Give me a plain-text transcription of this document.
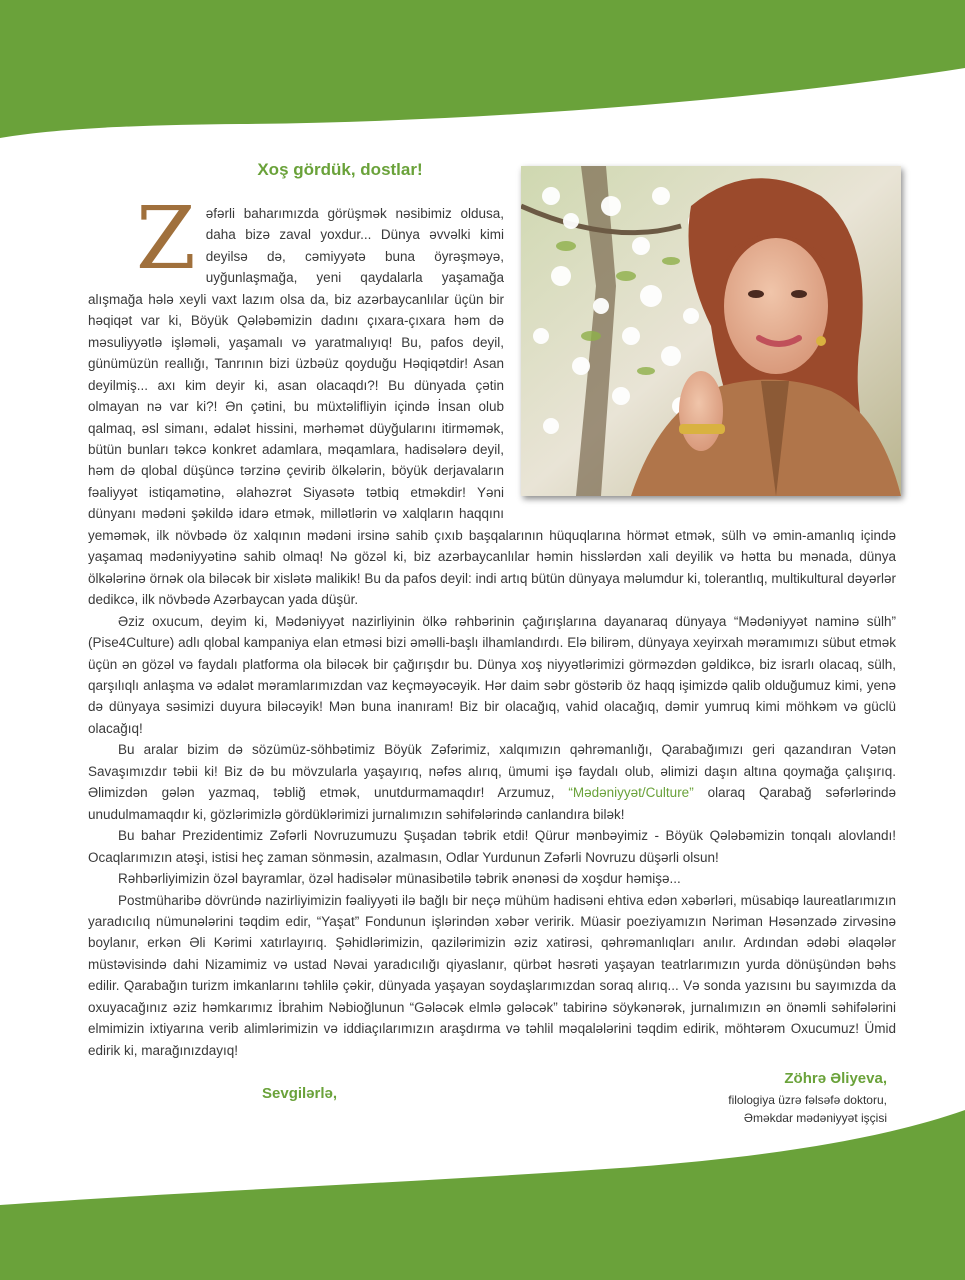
Xoş gördük, dostlar!

Zəfərli baharımızda görüşmək nəsibimiz oldusa, daha bizə zaval yoxdur... Dünya əvvəlki kimi deyilsə də, cəmiyyətə buna öyrəşməyə, uyğunlaşmağa, yeni qaydalarla yaşamağa alışmağa hələ xeyli vaxt lazım olsa da, biz azərbaycanlılar üçün bir həqiqət var ki, Böyük Qələbəmizin dadını çıxara-çıxara həm də məsuliyyətlə işləməli, yaşamalı və yaratmalıyıq! Bu, pafos deyil, günümüzün reallığı, Tanrının bizi üzbəüz qoyduğu Həqiqətdir! Asan deyilmiş... axı kim deyir ki, asan olacaqdı?! Bu dünyada çətin olmayan nə var ki?! Ən çətini, bu müxtəlifliyin içində İnsan olub qalmaq, əsl simanı, ədalət hissini, mərhəmət düyğularını itirməmək, bütün bunları təkcə konkret adamlara, məqamlara, hadisələrə deyil, həm də qlobal düşüncə tərzinə çevirib ölkələrin, böyük derjavaların fəaliyyət istiqamətinə, əlahəzrət Siyasətə tətbiq etməkdir! Yəni dünyanı mədəni şəkildə idarə etmək, millətlərin və xalqların haqqını yeməmək, ilk növbədə öz xalqının mədəni irsinə sahib çıxıb başqalarının hüquqlarına hörmət etmək, sülh və əmin-amanlıq içində yaşamaq mədəniyyətinə sahib olmaq! Nə gözəl ki, biz azərbaycanlılar həmin hisslərdən xali deyilik və hətta bu mənada, dünya ölkələrinə örnək ola biləcək bir xislətə malikik! Bu da pafos deyil: indi artıq bütün dünyaya məlumdur ki, tolerantlıq, multikultural dəyərlər dedikcə, ilk növbədə Azərbaycan yada düşür.

Əziz oxucum, deyim ki, Mədəniyyət nazirliyinin ölkə rəhbərinin çağırışlarına dayanaraq dünyaya “Mədəniyyət naminə sülh” (Pise4Culture) adlı qlobal kampaniya elan etməsi bizi əməlli-başlı ilhamlandırdı. Elə bilirəm, dünyaya xeyirxah məramımızı sübut etmək üçün ən gözəl və faydalı platforma ola biləcək bir çağırışdır bu. Dünya xoş niyyətlərimizi görməzdən gəldikcə, biz israrlı olacaq, sülh, qarşılıqlı anlaşma və ədalət məramlarımızdan vaz keçməyəcəyik. Hər daim səbr göstərib öz haqq işimizdə qalib olduğumuz kimi, yenə də dünyaya səsimizi duyura biləcəyik! Mən buna inanıram! Biz bir olacağıq, vahid olacağıq, dəmir yumruq kimi möhkəm və güclü olacağıq!

Bu aralar bizim də sözümüz-söhbətimiz Böyük Zəfərimiz, xalqımızın qəhrəmanlığı, Qarabağımızı geri qazandıran Vətən Savaşımızdır təbii ki! Biz də bu mövzularla yaşayırıq, nəfəs alırıq, ümumi işə faydalı olub, əlimizi daşın altına qoymağa çalışırıq. Əlimizdən gələn yazmaq, təbliğ etmək, unutdurmamaqdır! Arzumuz, “Mədəniyyət/Culture” olaraq Qarabağ səfərlərində unudulmamaqdır ki, gözlərimizlə gördüklərimizi jurnalımızın səhifələrində canlandıra bilək!

Bu bahar Prezidentimiz Zəfərli Novruzumuzu Şuşadan təbrik etdi! Qürur mənbəyimiz - Böyük Qələbəmizin tonqalı alovlandı! Ocaqlarımızın atəşi, istisi heç zaman sönməsin, azalmasın, Odlar Yurdunun Zəfərli Novruzu düşərli olsun!

Rəhbərliyimizin özəl bayramlar, özəl hadisələr münasibətilə təbrik ənənəsi də xoşdur həmişə...

Postmüharibə dövründə nazirliyimizin fəaliyyəti ilə bağlı bir neçə mühüm hadisəni ehtiva edən xəbərləri, müsabiqə laureatlarımızın yaradıcılıq nümunələrini təqdim edir, “Yaşat” Fondunun işlərindən xəbər veririk. Müasir poeziyamızın Nəriman Həsənzadə zirvəsinə boylanır, erkən Əli Kərimi xatırlayırıq. Şəhidlərimizin, qazilərimizin əziz xatirəsi, qəhrəmanlıqları anılır. Ardından ədəbi əlaqələr müstəvisində dahi Nizamimiz və ustad Nəvai yaradıcılığı qiyaslanır, qürbət həsrəti yaşayan teatrlarımızın yurda dönüşündən bəhs edilir. Qarabağın turizm imkanlarını təhlilə çəkir, dünyada yaşayan soydaşlarımızdan soraq alırıq... Və sonda yazısını bu sayımızda da oxuyacağınız əziz həmkarımız İbrahim Nəbioğlunun “Gələcək elmlə gələcək” tabirinə söykənərək, jurnalımızın ən önəmli səhifələrini elmimizin ixtiyarına verib alimlərimizin və iddiaçılarımızın araşdırma və təhlil məqalələrini təqdim edirik, möhtərəm Oxucumuz! Ümid edirik ki, marağınızdayıq!

Sevgilərlə,

Zöhrə Əliyeva,

filologiya üzrə fəlsəfə doktoru,

Əməkdar mədəniyyət işçisi
